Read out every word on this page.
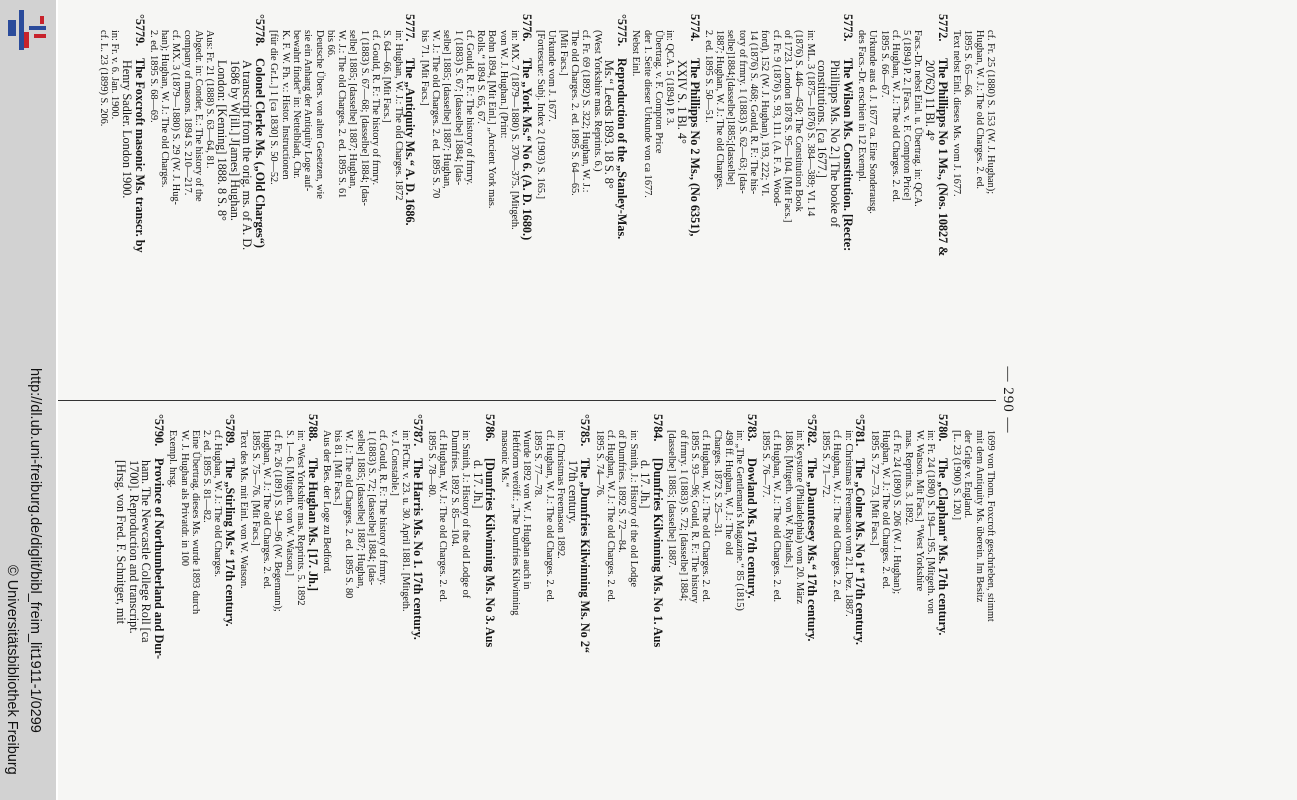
http://dl.ub.uni-freiburg.de/diglit/bibl_freim_lit1911-1/0299
© Universitätsbibliothek Freiburg
— 290 —
cf. Fr. 25 (1880) S. 153 (W. J. Hughan);
Hughan, W. J.: The old Charges. 2. ed.
1895 S. 65—66.
Text nebst Einl. dieses Ms. vom J. 1677.
5772.The Phillipps No 1 Ms., (Nos. 10827 &
20762) 11 Bl. 4°
Facs.-Dr. nebst Einl. u. Übertrag. in: QCA.
5 (1894) P. 2. [Facs. v. F. Compton Price]
cf. Hughan, W. J.: The old Charges. 2. ed.
1895 S. 66—67.
Urkunde aus d. J. 1677 ca. Eine Sonderausg.
des Facs.-Dr. erschien in 12 Exempl.
5773.The Wilson Ms. Constitution. [Recte:
Phillipps Ms. No 2.] The booke of
constitutions. [ca 1677.]
in: ML. 3 (1875—1876) S. 384—389; VI. 14
(1876) S. 446—450; The Constitution Book
of 1723. London 1878 S. 95—104. [Mit Facs.]
cf. Fr. 9 (1876) S. 93, 111. (A. F. A. Wood-
ford), 152 (W. J. Hughan), 193, 222; VI.
14 (1876) S. 468; Gould, R. F.: The his-
tory of frmry. 1 (1883) S. 62—63; [das-
selbe]1884;[dasselbe]1885;[dasselbe]
1887; Hughan, W. J.: The old Charges.
2. ed. 1895 S. 50—51.
5774.The Phillipps No 2 Ms., (No 6351),
XXIV S. 1 Bl. 4°
in: QCA. 5 (1894) P. 3.
Übertrag. v. F. Compton Price
der 1. Seite dieser Urkunde von ca 1677.
Nebst Einl.
°5775.Reproduction of the „Stanley-Mas.
Ms.“ Leeds 1893. 18 S. 8°
(West Yorkshire mas. Reprints. 6.)
cf. Fr. 69 (1892) S. 322; Hughan, W. J.:
The old Charges. 2. ed. 1895 S. 64—65.
[Mit Facs.]
Urkunde vom J. 1677.
[Fortescue: Subj. Index 2 (1903) S. 165.]
5776.The „York Ms.“ No 6. (A. D. 1680.)
in: MX. 7 (1879—1880) S. 370—375. [Mitgeth.
von W. J. Hughan.] (Print:
Bohn 1894, [Mit Einl.] „Ancient York mas.
Rolls.“ 1894 S. 65, 67.
cf. Gould, R. F.: The history of frmry.
1 (1883) S. 67; [dasselbe] 1884; [das-
selbe] 1885; [dasselbe] 1887; Hughan,
W. J.: The old Charges. 2. ed. 1895 S. 70
bis 71. [Mit Facs.]
5777.The „Antiquity Ms.“ A. D. 1686.
in: Hughan, W. J.: The old Charges. 1872
S. 64—66. [Mit Facs.]
cf. Gould, R. F.: The history of frmry.
1 (1883) S. 67—68; [dasselbe] 1884; [das-
selbe] 1885; [dasselbe] 1887; Hughan,
W. J.: The old Charges. 2. ed. 1895 S. 61
bis 66.
Deutsche Übers. von alten Gesetzen, wie
sie ein Anhang der Antiquity Loge auf-
bewahrt findet“ in: Nettelbladt, Chr.
K. F. W. Fh. v.: Histor. Instructionen
[für die Gr.L.] 1 [ca 1830] S. 50—52.
°5778.Colonel Clerke Ms. („Old Charges“)
A transcript from the orig. ms. of A. D.
1686 by W[ill.] J[ames] Hughan.
London: [Kenning] 1888. 8 S. 8°
Aus: Fr. 21 (1888) S. 63—64, 81.
Abgedr. in: Conder, E.: The history of the
company of masons. 1894 S. 210—217.
cf. MX. 3 (1879—1880) S. 29 (W. J. Hug-
han); Hughan, W. J.: The old Charges.
2. ed. 1895 S. 68—69.
°5779.The Foxcroft masonic Ms. transcr. by
Henry Sadler. London 1900.
in: Fr. v. 6. Jan. 1900.
cf. L. 23 (1899) S. 206.
1699 von Thom. Foxcroft geschrieben, stimmt
mit dem Antiquity Ms. überein. Im Besitz
der Grlge v. England.
[L. 23 (1900) S. 120.]
5780.The „Clapham“ Ms. 17th century.
in: Fr. 24 (1890) S. 194—195. [Mitgeth. von
W. Watson. Mit Facs.] °West Yorkshire
mas. Reprints. 3. 1892.
cf. Fr. 24 (1890) S. 206 (W. J. Hughan);
Hughan, W. J.: The old Charges. 2. ed.
1895 S. 72—73. [Mit Facs.]
°5781.The „Colne Ms. No 1“ 17th century.
in: Christmas Freemason vom 21. Dez. 1887.
cf. Hughan, W. J.: The old Charges. 2. ed.
1895 S. 71—72.
°5782.The „Dauntesey Ms.“ 17th century.
in: Keystone (Philadelphia) vom 20. März
1886. [Mitgeth. von W. Rylands.]
cf. Hughan, W. J.: The old Charges. 2. ed.
1895 S. 76—77.
5783.Dowland Ms. 17th century.
in: „The Gentleman's Magazine.“ 85 (1815)
498 ff. Hughan, W. J.: The old
Charges. 1872 S. 25—31.
cf. Hughan, W. J.: The old Charges. 2. ed.
1895 S. 93—96; Gould, R. F.: The history
of frmry. 1 (1883) S. 72; [dasselbe] 1884;
[dasselbe] 1885; [dasselbe] 1887.
5784.[Dumfries Kilwinning Ms. No 1. Aus
d. 17. Jh.]
in: Smith, J.: History of the old Lodge
of Dumfries. 1892 S. 72—84.
cf. Hughan, W. J.: The old Charges. 2. ed.
1895 S. 74—76.
°5785.The „Dumfries Kilwinning Ms. No 2“
17th century.
in: Christmas Freemason 1892.
cf. Hughan, W. J.: The old Charges. 2. ed.
1895 S. 77—78.
Wurde 1892 von W. J. Hughan auch in
Heftform veröff.: „The Dumfries Kilwinning
masonic Ms.“
5786.[Dumfries Kilwinning Ms. No 3. Aus
d. 17. Jh.]
in: Smith, J.: History of the old Lodge of
Dumfries. 1892 S. 85—104.
cf. Hughan, W. J.: The old Charges. 2. ed.
1895 S. 78—80.
°5787.The Harris Ms. No 1. 17th century.
in: FrChr. v. 23. u. 30. April 1881. [Mitgeth.
v. J. Constable.]
cf. Gould, R. F.: The history of frmry.
1 (1883) S. 72; [dasselbe] 1884; [das-
selbe] 1885; [dasselbe] 1887; Hughan,
W. J.: The old Charges. 2. ed. 1895 S. 80
bis 81. [Mit Facs.]
Aus der Bes. der Loge zu Bedford.
5788.The Hughan Ms. [17. Jh.]
in: °West Yorkshire mas. Reprints. 5. 1892
S. 1—6. [Mitgeth. von W. Watson.]
cf. Fr. 26 (1891) S. 94—96 (W. Begemann);
Hughan, W. J.: The old Charges. 2. ed.
1895 S. 75—76. [Mit Facs.]
Text des Ms. mit Einl. von W. Watson.
°5789.The „Stirling Ms.“ 17th century.
cf. Hughan, W. J.: The old Charges.
2. ed. 1895 S. 81—82.
Eine Übertrag. dieses Ms. wurde 1893 durch
W. J. Hughan als Privatdr. in 100
Exempl. hrsg.
°5790.Province of Northumberland and Dur-
ham. The Newcastle College Roll [ca
1700]. Reproduction and transcript.
[Hrsg. von Fred. F. Schnitger, mit
